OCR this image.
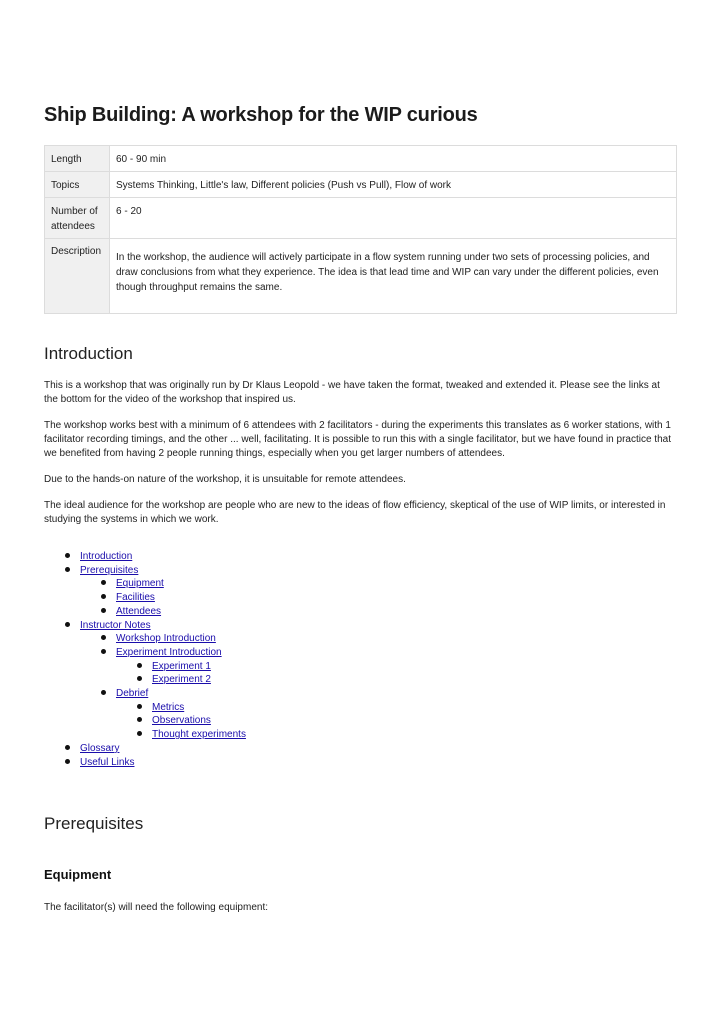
Ship Building: A workshop for the WIP curious
Length	60 - 90 min
Topics	Systems Thinking, Little's law, Different policies (Push vs Pull), Flow of work
Number of attendees	6 - 20
Description	In the workshop, the audience will actively participate in a flow system running under two sets of processing policies, and draw conclusions from what they experience. The idea is that lead time and WIP can vary under the different policies, even though throughput remains the same.
Introduction

This is a workshop that was originally run by Dr Klaus Leopold - we have taken the format, tweaked and extended it. Please see the links at the bottom for the video of the workshop that inspired us.

The workshop works best with a minimum of 6 attendees with 2 facilitators - during the experiments this translates as 6 worker stations, with 1 facilitator recording timings, and the other ... well, facilitating. It is possible to run this with a single facilitator, but we have found in practice that we benefited from having 2 people running things, especially when you get larger numbers of attendees.

Due to the hands-on nature of the workshop, it is unsuitable for remote attendees.

The ideal audience for the workshop are people who are new to the ideas of flow efficiency, skeptical of the use of WIP limits, or interested in studying the systems in which we work.

Introduction
Prerequisites
Equipment
Facilities
Attendees
Instructor Notes
Workshop Introduction
Experiment Introduction
Experiment 1
Experiment 2
Debrief
Metrics
Observations
Thought experiments
Glossary
Useful Links
Prerequisites
Equipment

The facilitator(s) will need the following equipment:
